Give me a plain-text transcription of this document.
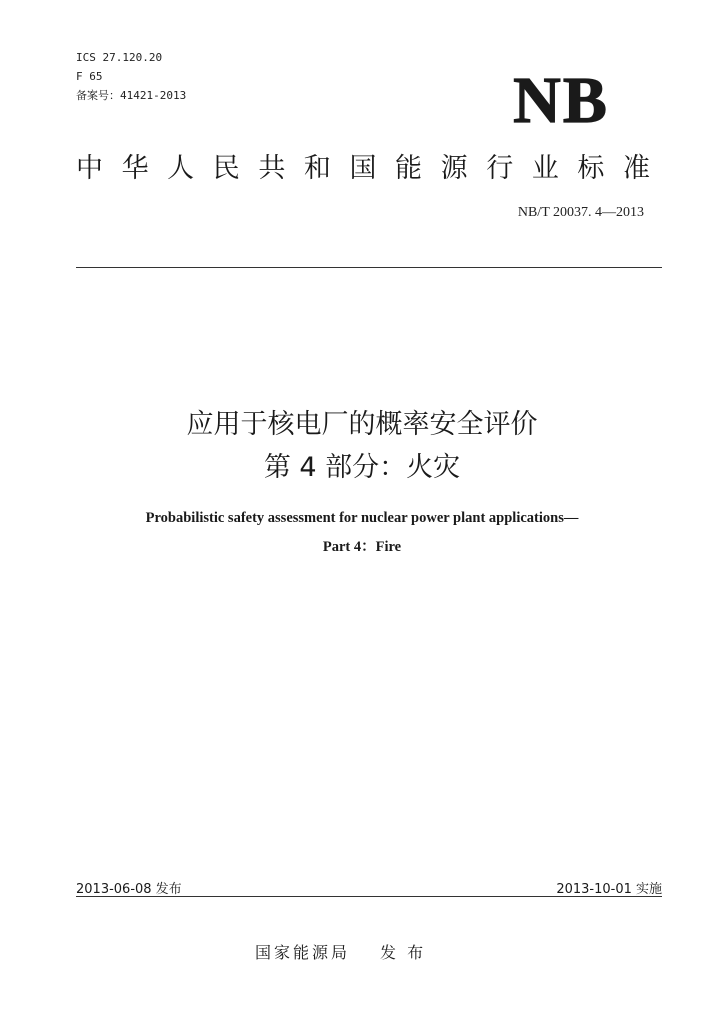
ICS 27.120.20
F 65
备案号：41421-2013	NB
中 华 人 民 共 和 国 能 源 行 业 标 准
NB/T 20037. 4—2013
应用于核电厂的概率安全评价
第 4 部分：火灾
Probabilistic safety assessment for nuclear power plant applications—
Part 4：Fire
2013-06-08 发布	2013-10-01 实施
国家能源局 发 布
